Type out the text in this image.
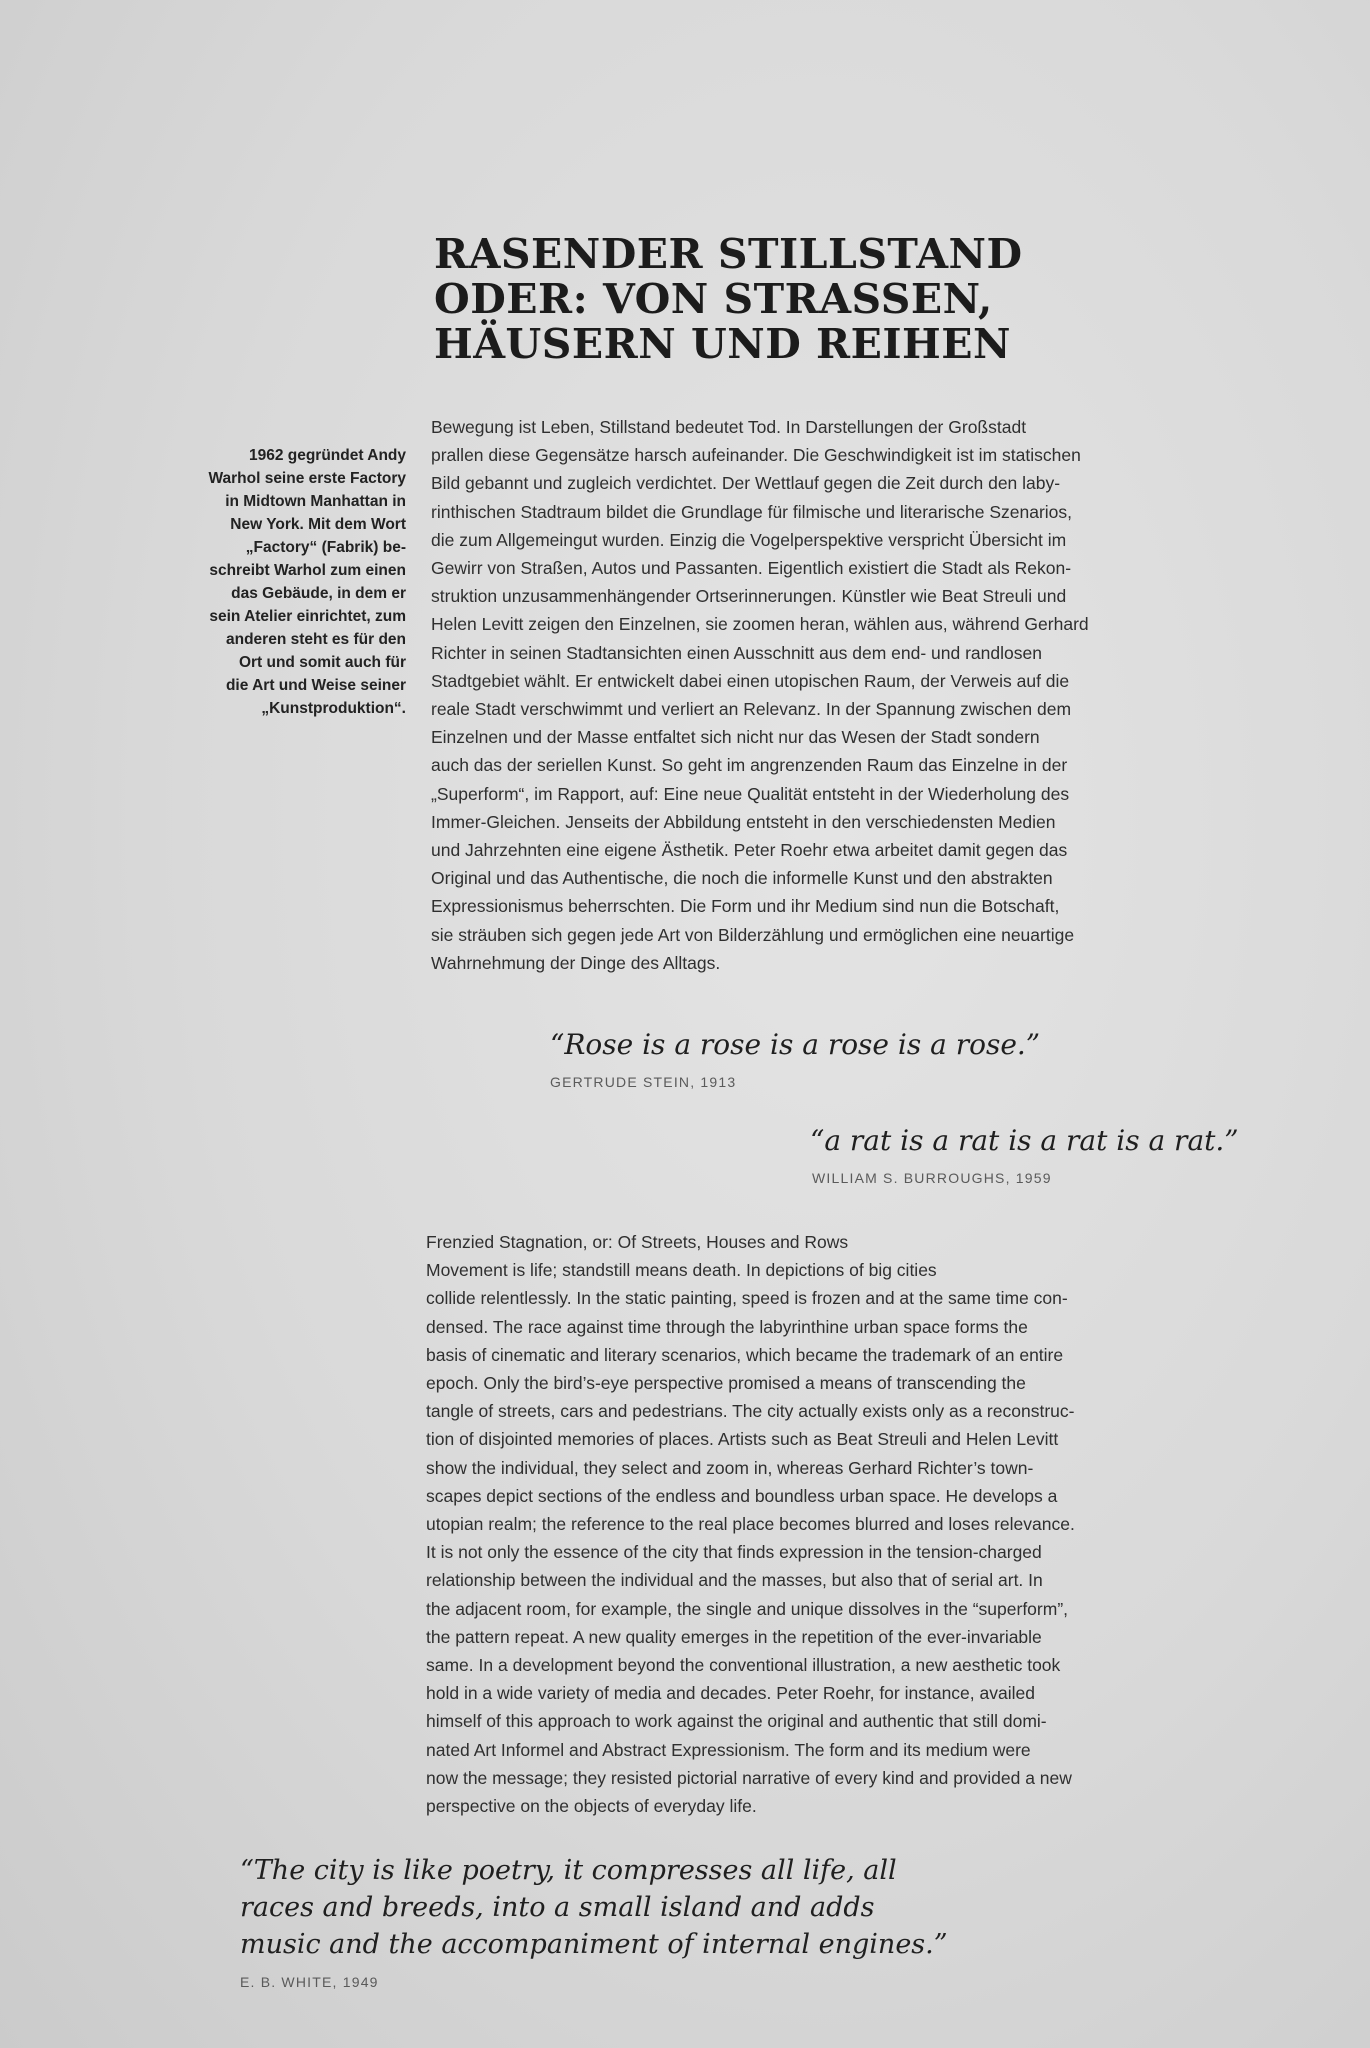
RASENDER STILLSTAND
ODER: VON STRASSEN,
HÄUSERN UND REIHEN
1962 gegründet Andy
Warhol seine erste Factory
in Midtown Manhattan in
New York. Mit dem Wort
„Factory“ (Fabrik) be-
schreibt Warhol zum einen
das Gebäude, in dem er
sein Atelier einrichtet, zum
anderen steht es für den
Ort und somit auch für
die Art und Weise seiner
„Kunstproduktion“.
Bewegung ist Leben, Stillstand bedeutet Tod. In Darstellungen der Großstadt
prallen diese Gegensätze harsch aufeinander. Die Geschwindigkeit ist im statischen
Bild gebannt und zugleich verdichtet. Der Wettlauf gegen die Zeit durch den laby-
rinthischen Stadtraum bildet die Grundlage für filmische und literarische Szenarios,
die zum Allgemeingut wurden. Einzig die Vogelperspektive verspricht Übersicht im
Gewirr von Straßen, Autos und Passanten. Eigentlich existiert die Stadt als Rekon-
struktion unzusammenhängender Ortserinnerungen. Künstler wie Beat Streuli und
Helen Levitt zeigen den Einzelnen, sie zoomen heran, wählen aus, während Gerhard
Richter in seinen Stadtansichten einen Ausschnitt aus dem end- und randlosen
Stadtgebiet wählt. Er entwickelt dabei einen utopischen Raum, der Verweis auf die
reale Stadt verschwimmt und verliert an Relevanz. In der Spannung zwischen dem
Einzelnen und der Masse entfaltet sich nicht nur das Wesen der Stadt sondern
auch das der seriellen Kunst. So geht im angrenzenden Raum das Einzelne in der
„Superform“, im Rapport, auf: Eine neue Qualität entsteht in der Wiederholung des
Immer-Gleichen. Jenseits der Abbildung entsteht in den verschiedensten Medien
und Jahrzehnten eine eigene Ästhetik. Peter Roehr etwa arbeitet damit gegen das
Original und das Authentische, die noch die informelle Kunst und den abstrakten
Expressionismus beherrschten. Die Form und ihr Medium sind nun die Botschaft,
sie sträuben sich gegen jede Art von Bilderzählung und ermöglichen eine neuartige
Wahrnehmung der Dinge des Alltags.
“Rose is a rose is a rose is a rose.”
GERTRUDE STEIN, 1913
“a rat is a rat is a rat is a rat.”
WILLIAM S. BURROUGHS, 1959
Frenzied Stagnation, or: Of Streets, Houses and Rows
Movement is life; standstill means death. In depictions of big cities
collide relentlessly. In the static painting, speed is frozen and at the same time con-
densed. The race against time through the labyrinthine urban space forms the
basis of cinematic and literary scenarios, which became the trademark of an entire
epoch. Only the bird’s-eye perspective promised a means of transcending the
tangle of streets, cars and pedestrians. The city actually exists only as a reconstruc-
tion of disjointed memories of places. Artists such as Beat Streuli and Helen Levitt
show the individual, they select and zoom in, whereas Gerhard Richter’s town-
scapes depict sections of the endless and boundless urban space. He develops a
utopian realm; the reference to the real place becomes blurred and loses relevance.
It is not only the essence of the city that finds expression in the tension-charged
relationship between the individual and the masses, but also that of serial art. In
the adjacent room, for example, the single and unique dissolves in the “superform”,
the pattern repeat. A new quality emerges in the repetition of the ever-invariable
same. In a development beyond the conventional illustration, a new aesthetic took
hold in a wide variety of media and decades. Peter Roehr, for instance, availed
himself of this approach to work against the original and authentic that still domi-
nated Art Informel and Abstract Expressionism. The form and its medium were
now the message; they resisted pictorial narrative of every kind and provided a new
perspective on the objects of everyday life.
“The city is like poetry, it compresses all life, all
races and breeds, into a small island and adds
music and the accompaniment of internal engines.”
E. B. WHITE, 1949
